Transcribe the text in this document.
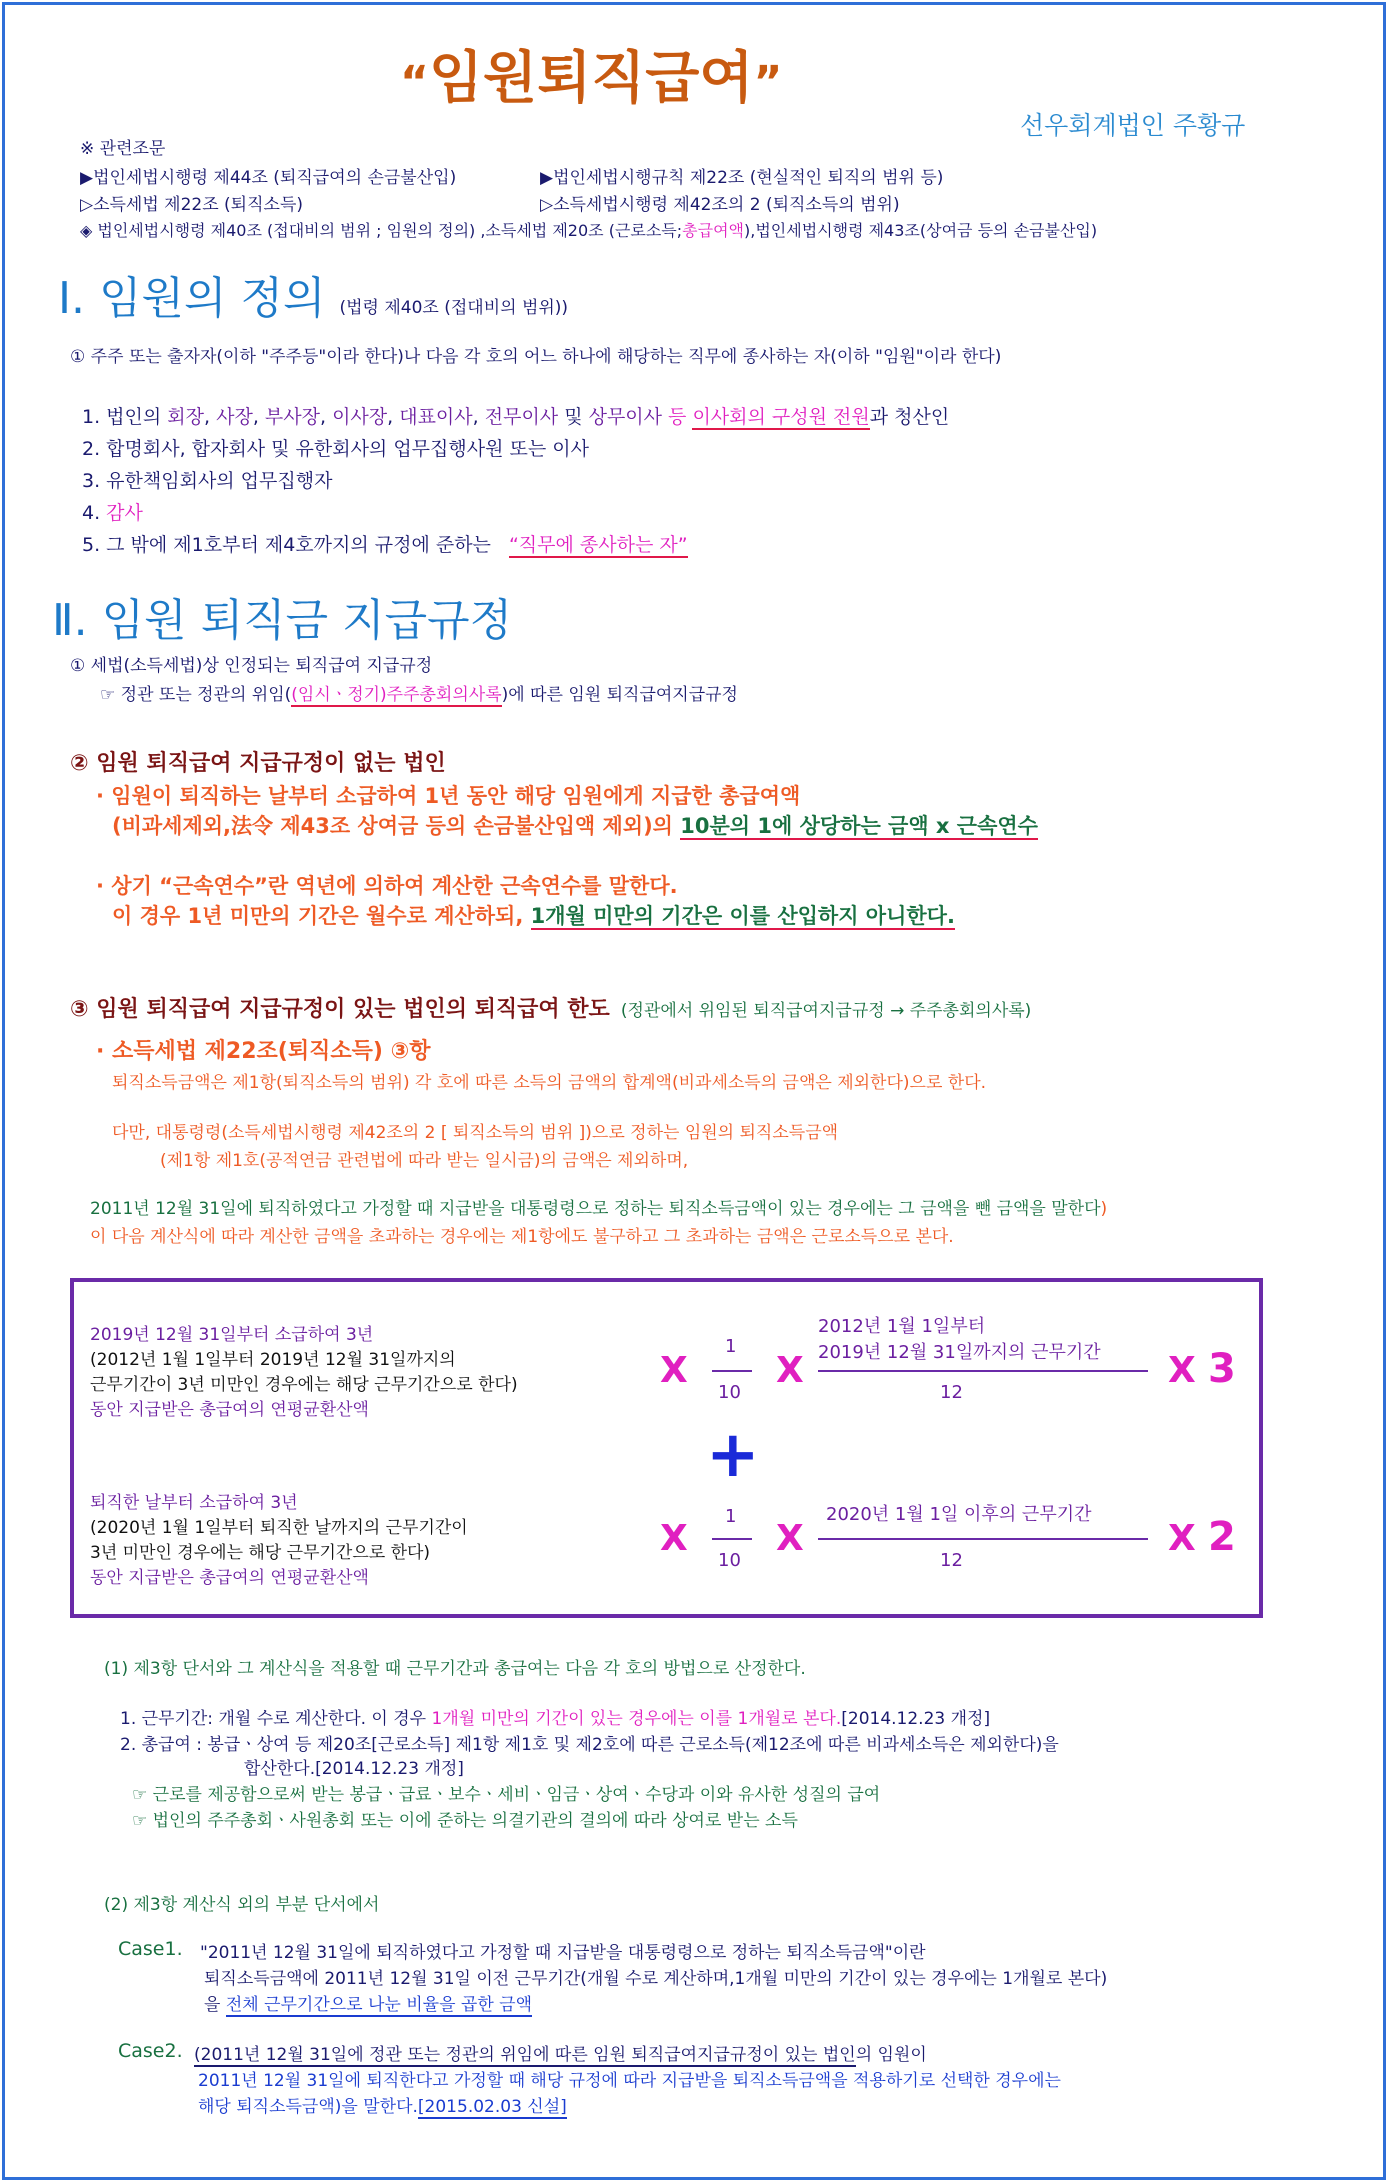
“임원퇴직급여”
선우회계법인 주황규
※ 관련조문
▶법인세법시행령 제44조 (퇴직급여의 손금불산입)	▶법인세법시행규칙 제22조 (현실적인 퇴직의 범위 등)
▷소득세법 제22조 (퇴직소득)	▷소득세법시행령 제42조의 2 (퇴직소득의 범위)
◈ 법인세법시행령 제40조 (접대비의 범위 ; 임원의 정의) ,소득세법 제20조 (근로소득;총급여액),법인세법시행령 제43조(상여금 등의 손금불산입)
Ⅰ. 임원의 정의 (법령 제40조 (접대비의 범위))
① 주주 또는 출자자(이하 "주주등"이라 한다)나 다음 각 호의 어느 하나에 해당하는 직무에 종사하는 자(이하 "임원"이라 한다)
1. 법인의 회장, 사장, 부사장, 이사장, 대표이사, 전무이사 및 상무이사 등 이사회의 구성원 전원과 청산인
2. 합명회사, 합자회사 및 유한회사의 업무집행사원 또는 이사
3. 유한책임회사의 업무집행자
4. 감사
5. 그 밖에 제1호부터 제4호까지의 규정에 준하는 “직무에 종사하는 자”
Ⅱ. 임원 퇴직금 지급규정
① 세법(소득세법)상 인정되는 퇴직급여 지급규정
☞ 정관 또는 정관의 위임((임시ㆍ정기)주주총회의사록)에 따른 임원 퇴직급여지급규정
② 임원 퇴직급여 지급규정이 없는 법인
· 임원이 퇴직하는 날부터 소급하여 1년 동안 해당 임원에게 지급한 총급여액
(비과세제외,法令 제43조 상여금 등의 손금불산입액 제외)의 10분의 1에 상당하는 금액 x 근속연수
· 상기 “근속연수”란 역년에 의하여 계산한 근속연수를 말한다.
이 경우 1년 미만의 기간은 월수로 계산하되, 1개월 미만의 기간은 이를 산입하지 아니한다.
③ 임원 퇴직급여 지급규정이 있는 법인의 퇴직급여 한도 (정관에서 위임된 퇴직급여지급규정 → 주주총회의사록)
· 소득세법 제22조(퇴직소득) ③항
퇴직소득금액은 제1항(퇴직소득의 범위) 각 호에 따른 소득의 금액의 합계액(비과세소득의 금액은 제외한다)으로 한다.
다만, 대통령령(소득세법시행령 제42조의 2 [ 퇴직소득의 범위 ])으로 정하는 임원의 퇴직소득금액
(제1항 제1호(공적연금 관련법에 따라 받는 일시금)의 금액은 제외하며,
2011년 12월 31일에 퇴직하였다고 가정할 때 지급받을 대통령령으로 정하는 퇴직소득금액이 있는 경우에는 그 금액을 뺀 금액을 말한다)
이 다음 계산식에 따라 계산한 금액을 초과하는 경우에는 제1항에도 불구하고 그 초과하는 금액은 근로소득으로 본다.
2019년 12월 31일부터 소급하여 3년
(2012년 1월 1일부터 2019년 12월 31일까지의
근무기간이 3년 미만인 경우에는 해당 근무기간으로 한다)
동안 지급받은 총급여의 연평균환산액
X
1
10
X
2012년 1월 1일부터
2019년 12월 31일까지의 근무기간
12
X 3
+
퇴직한 날부터 소급하여 3년
(2020년 1월 1일부터 퇴직한 날까지의 근무기간이
3년 미만인 경우에는 해당 근무기간으로 한다)
동안 지급받은 총급여의 연평균환산액
X
1
10
X
2020년 1월 1일 이후의 근무기간
12
X 2
(1) 제3항 단서와 그 계산식을 적용할 때 근무기간과 총급여는 다음 각 호의 방법으로 산정한다.
1. 근무기간: 개월 수로 계산한다. 이 경우 1개월 미만의 기간이 있는 경우에는 이를 1개월로 본다.[2014.12.23 개정]
2. 총급여 : 봉급ㆍ상여 등 제20조[근로소득] 제1항 제1호 및 제2호에 따른 근로소득(제12조에 따른 비과세소득은 제외한다)을
합산한다.[2014.12.23 개정]
☞ 근로를 제공함으로써 받는 봉급ㆍ급료ㆍ보수ㆍ세비ㆍ임금ㆍ상여ㆍ수당과 이와 유사한 성질의 급여
☞ 법인의 주주총회ㆍ사원총회 또는 이에 준하는 의결기관의 결의에 따라 상여로 받는 소득
(2) 제3항 계산식 외의 부분 단서에서
Case1. "2011년 12월 31일에 퇴직하였다고 가정할 때 지급받을 대통령령으로 정하는 퇴직소득금액"이란
퇴직소득금액에 2011년 12월 31일 이전 근무기간(개월 수로 계산하며,1개월 미만의 기간이 있는 경우에는 1개월로 본다)
을 전체 근무기간으로 나눈 비율을 곱한 금액
Case2. (2011년 12월 31일에 정관 또는 정관의 위임에 따른 임원 퇴직급여지급규정이 있는 법인의 임원이
2011년 12월 31일에 퇴직한다고 가정할 때 해당 규정에 따라 지급받을 퇴직소득금액을 적용하기로 선택한 경우에는
해당 퇴직소득금액)을 말한다.[2015.02.03 신설]
